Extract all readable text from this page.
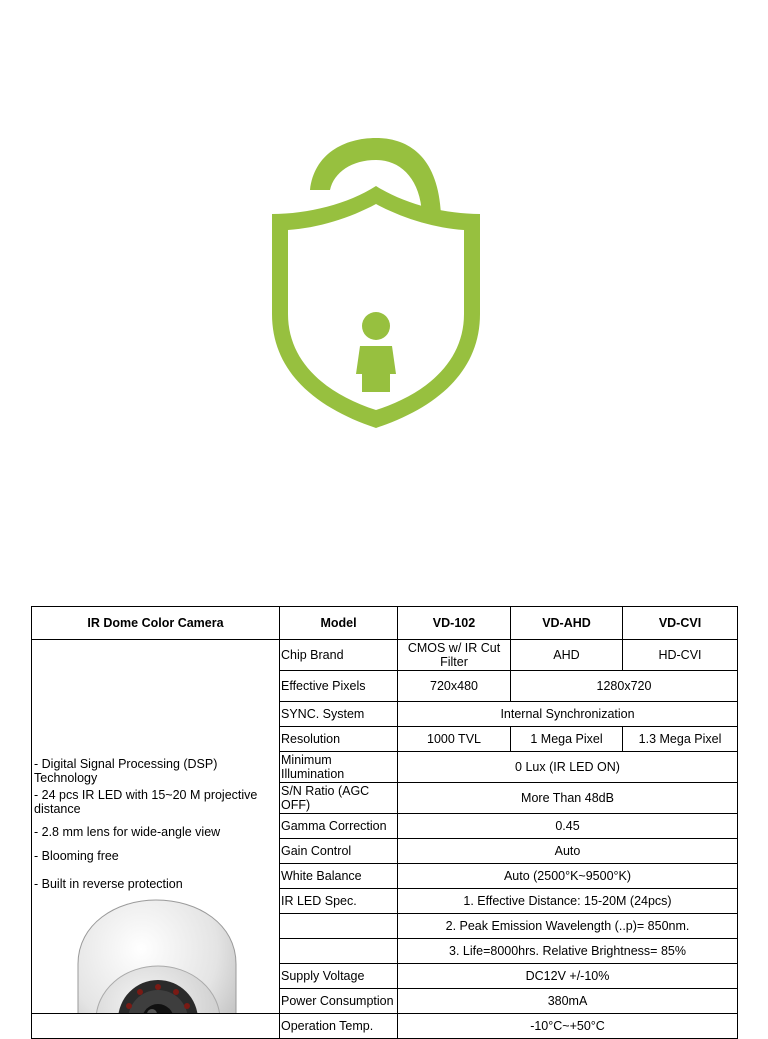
IR Dome Color Camera	Model	VD-102	VD-AHD	VD-CVI

- Digital Signal Processing (DSP) Technology
- 24 pcs IR LED with 15~20 M projective distance
- 2.8 mm lens for wide-angle view
- Blooming free
- Built in reverse protection	Chip Brand	CMOS w/ IR Cut Filter	AHD	HD-CVI
	Effective Pixels	720x480	1280x720	
	SYNC. System	Internal Synchronization		
	Resolution	1000 TVL	1 Mega Pixel	1.3 Mega Pixel
	Minimum Illumination	0 Lux (IR LED ON)		
	S/N Ratio (AGC OFF)	More Than 48dB		
	Gamma Correction	0.45		
	Gain Control	Auto		
	White Balance	Auto (2500°K~9500°K)		
	IR LED Spec.	1. Effective Distance: 15-20M (24pcs)		
		2. Peak Emission Wavelength (..p)= 850nm.		
		3. Life=8000hrs. Relative Brightness= 85%		
	Supply Voltage	DC12V +/-10%		
	Power Consumption	380mA		
	Operation Temp.	-10°C~+50°C		
